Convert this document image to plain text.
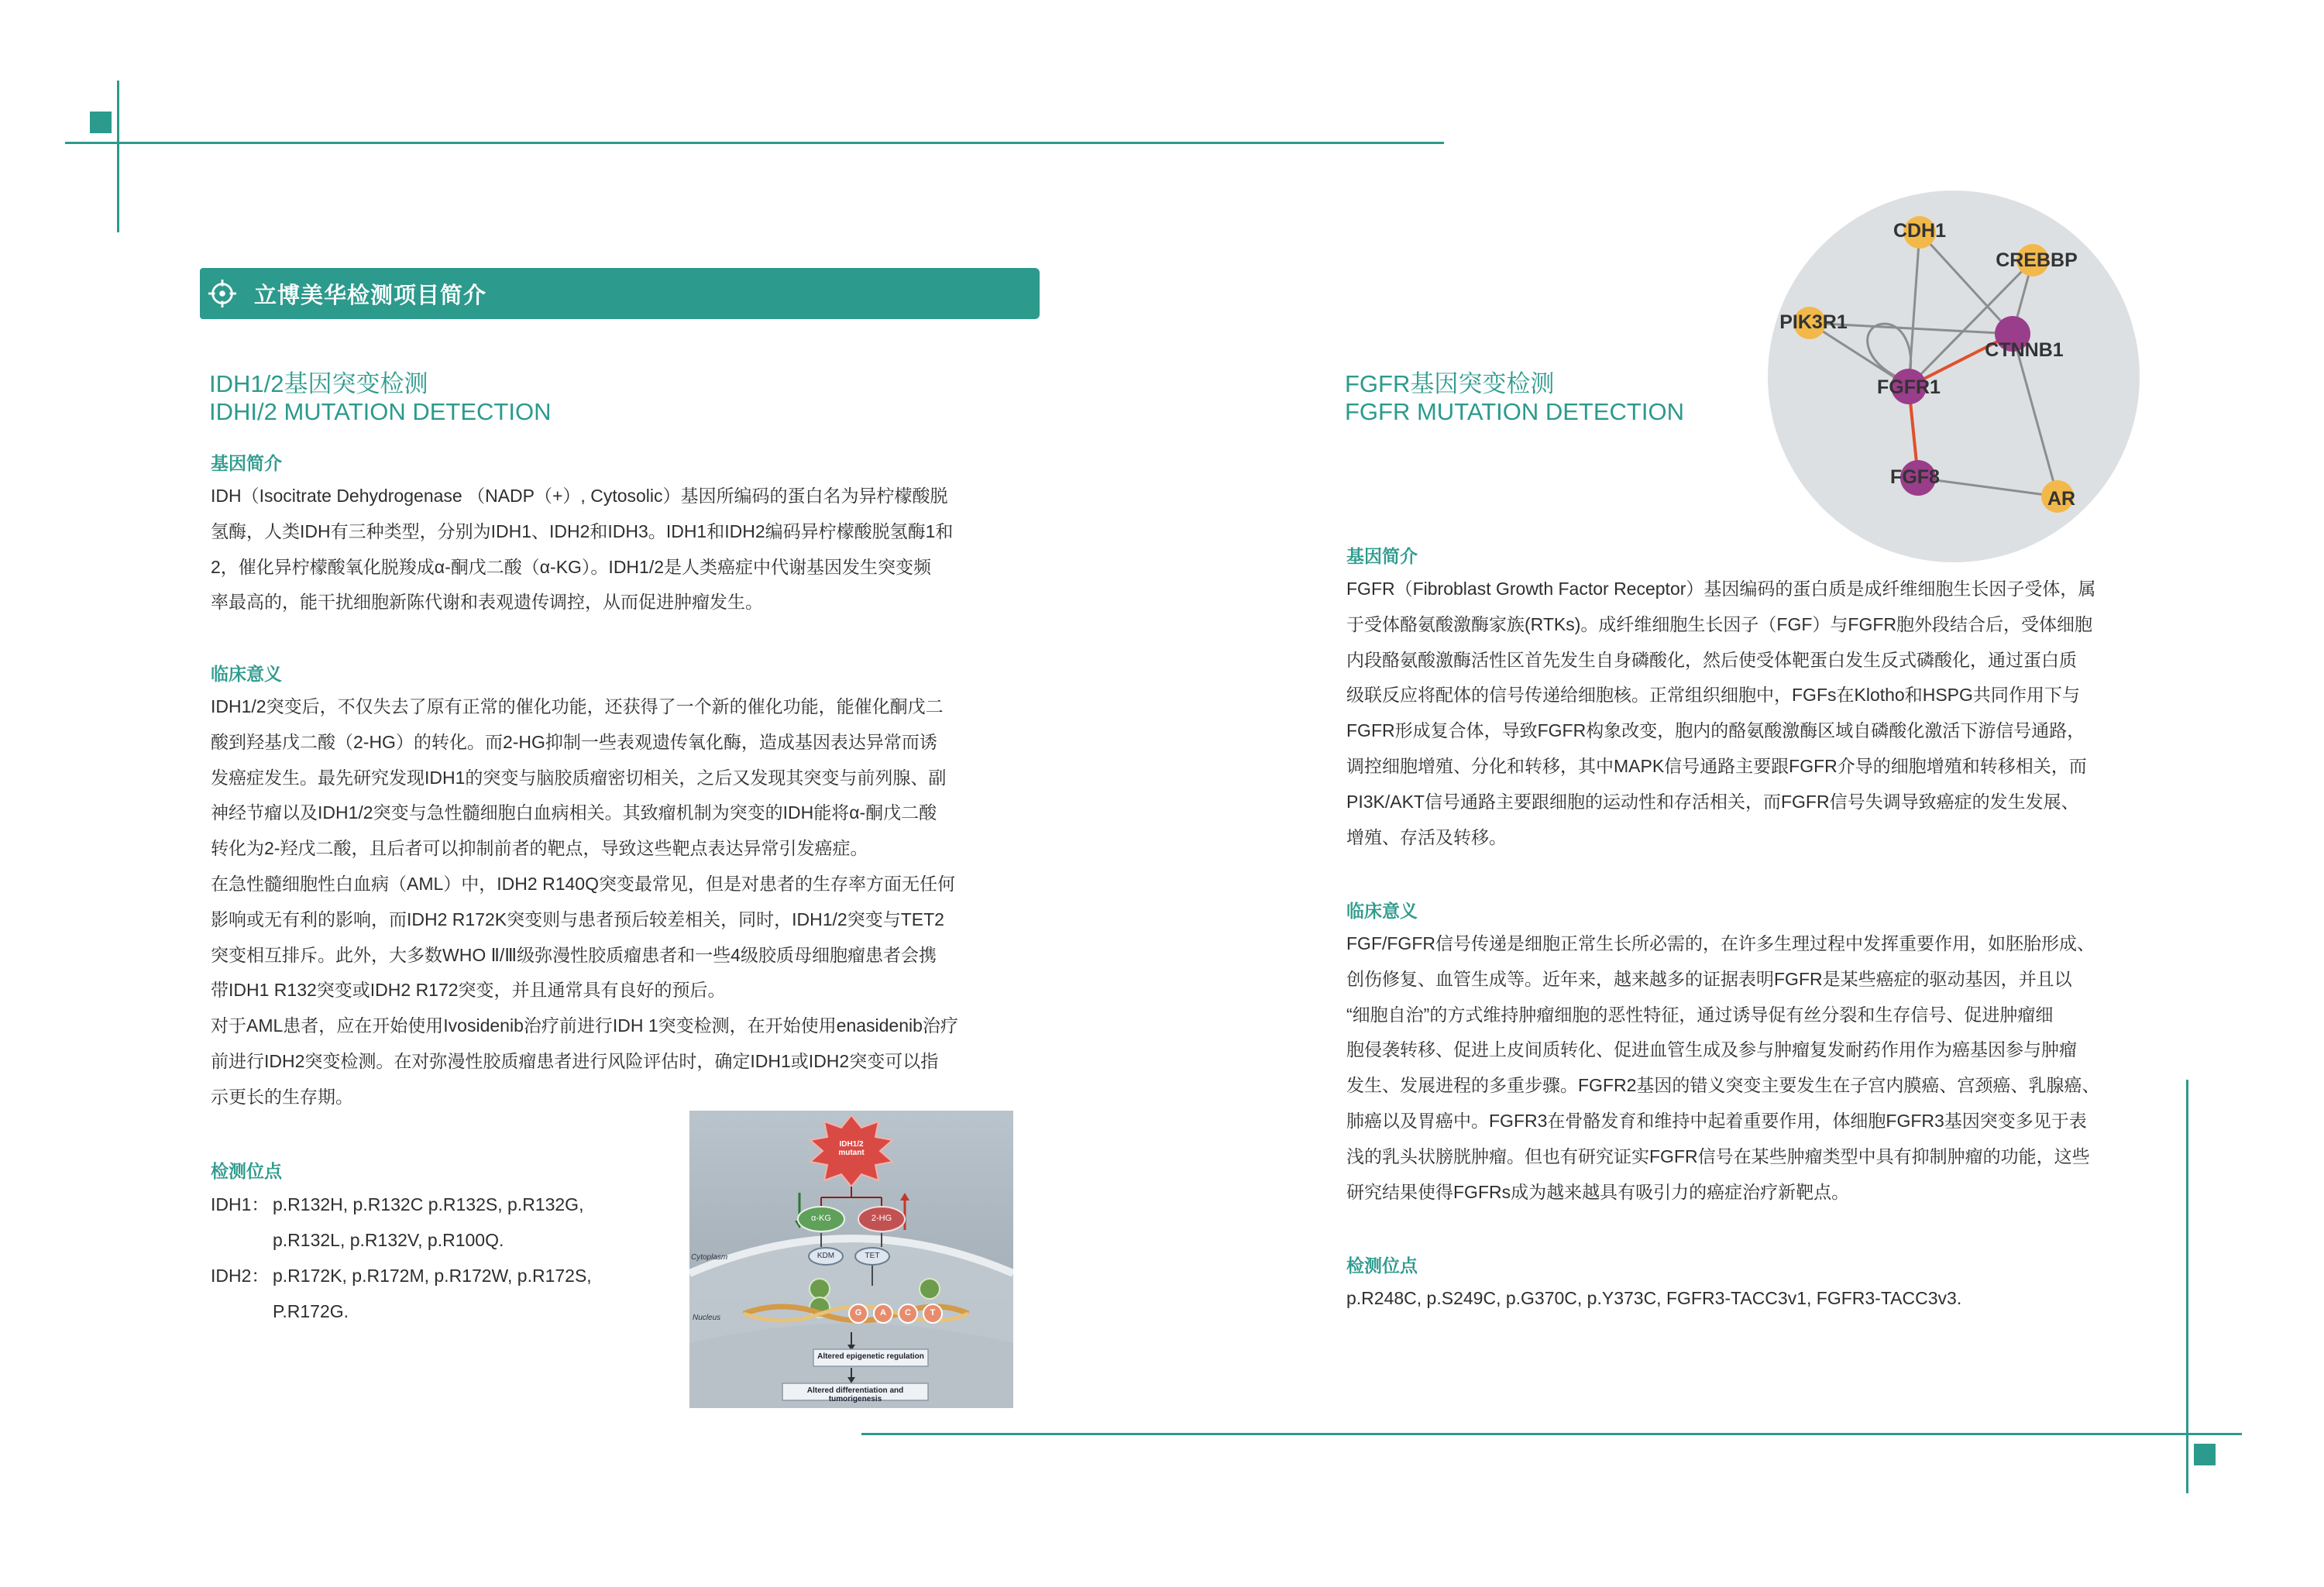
立博美华检测项目简介
IDH1/2基因突变检测
IDHI/2 MUTATION DETECTION
基因简介

IDH（Isocitrate Dehydrogenase （NADP（+）, Cytosolic）基因所编码的蛋白名为异柠檬酸脱

氢酶，人类IDH有三种类型，分别为IDH1、IDH2和IDH3。IDH1和IDH2编码异柠檬酸脱氢酶1和

2，催化异柠檬酸氧化脱羧成α-酮戊二酸（α-KG）。IDH1/2是人类癌症中代谢基因发生突变频

率最高的，能干扰细胞新陈代谢和表观遗传调控，从而促进肿瘤发生。

临床意义

IDH1/2突变后，不仅失去了原有正常的催化功能，还获得了一个新的催化功能，能催化酮戊二

酸到羟基戊二酸（2-HG）的转化。而2-HG抑制一些表观遗传氧化酶，造成基因表达异常而诱

发癌症发生。最先研究发现IDH1的突变与脑胶质瘤密切相关，之后又发现其突变与前列腺、副

神经节瘤以及IDH1/2突变与急性髓细胞白血病相关。其致瘤机制为突变的IDH能将α-酮戊二酸

转化为2-羟戊二酸，且后者可以抑制前者的靶点，导致这些靶点表达异常引发癌症。

在急性髓细胞性白血病（AML）中，IDH2 R140Q突变最常见，但是对患者的生存率方面无任何

影响或无有利的影响，而IDH2 R172K突变则与患者预后较差相关，同时，IDH1/2突变与TET2

突变相互排斥。此外，大多数WHO Ⅱ/Ⅲ级弥漫性胶质瘤患者和一些4级胶质母细胞瘤患者会携

带IDH1 R132突变或IDH2 R172突变，并且通常具有良好的预后。

对于AML患者，应在开始使用Ivosidenib治疗前进行IDH 1突变检测，在开始使用enasidenib治疗

前进行IDH2突变检测。在对弥漫性胶质瘤患者进行风险评估时，确定IDH1或IDH2突变可以指

示更长的生存期。

检测位点
IDH1： p.R132H, p.R132C p.R132S, p.R132G,
p.R132L, p.R132V, p.R100Q.
IDH2： p.R172K, p.R172M, p.R172W, p.R172S,
P.R172G.
IDH1/2 mutant
α-KG	2-HG
KDM	TET
Cytoplasm
Nucleus
G A C T
Altered epigenetic regulation
Altered differentiation and tumorigenesis
CDH1
CREBBP
PIK3R1
CTNNB1
FGFR1
FGF8
AR
FGFR基因突变检测
FGFR MUTATION DETECTION
基因简介

FGFR（Fibroblast Growth Factor Receptor）基因编码的蛋白质是成纤维细胞生长因子受体，属

于受体酪氨酸激酶家族(RTKs)。成纤维细胞生长因子（FGF）与FGFR胞外段结合后，受体细胞

内段酪氨酸激酶活性区首先发生自身磷酸化，然后使受体靶蛋白发生反式磷酸化，通过蛋白质

级联反应将配体的信号传递给细胞核。正常组织细胞中，FGFs在Klotho和HSPG共同作用下与

FGFR形成复合体，导致FGFR构象改变，胞内的酪氨酸激酶区域自磷酸化激活下游信号通路，

调控细胞增殖、分化和转移，其中MAPK信号通路主要跟FGFR介导的细胞增殖和转移相关，而

PI3K/AKT信号通路主要跟细胞的运动性和存活相关，而FGFR信号失调导致癌症的发生发展、

增殖、存活及转移。

临床意义

FGF/FGFR信号传递是细胞正常生长所必需的，在许多生理过程中发挥重要作用，如胚胎形成、

创伤修复、血管生成等。近年来，越来越多的证据表明FGFR是某些癌症的驱动基因，并且以

“细胞自治”的方式维持肿瘤细胞的恶性特征，通过诱导促有丝分裂和生存信号、促进肿瘤细

胞侵袭转移、促进上皮间质转化、促进血管生成及参与肿瘤复发耐药作用作为癌基因参与肿瘤

发生、发展进程的多重步骤。FGFR2基因的错义突变主要发生在子宫内膜癌、宫颈癌、乳腺癌、

肺癌以及胃癌中。FGFR3在骨骼发育和维持中起着重要作用，体细胞FGFR3基因突变多见于表

浅的乳头状膀胱肿瘤。但也有研究证实FGFR信号在某些肿瘤类型中具有抑制肿瘤的功能，这些

研究结果使得FGFRs成为越来越具有吸引力的癌症治疗新靶点。

检测位点
p.R248C, p.S249C, p.G370C, p.Y373C, FGFR3-TACC3v1, FGFR3-TACC3v3.
